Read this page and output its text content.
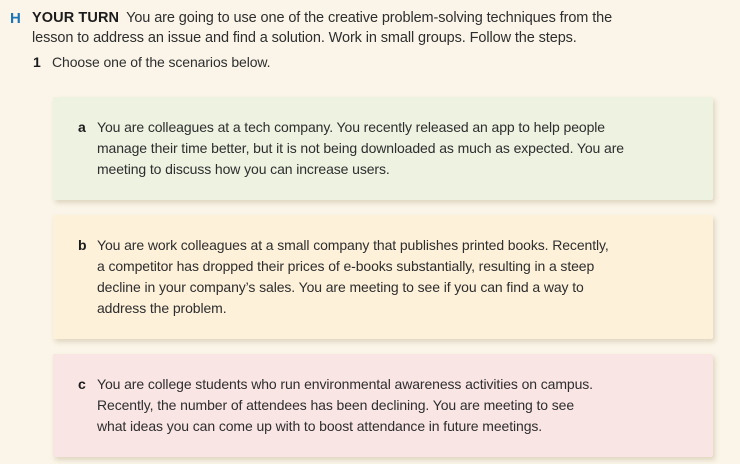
H YOUR TURN You are going to use one of the creative problem-solving techniques from the
lesson to address an issue and find a solution. Work in small groups. Follow the steps.
1 Choose one of the scenarios below.
a You are colleagues at a tech company. You recently released an app to help people
manage their time better, but it is not being downloaded as much as expected. You are
meeting to discuss how you can increase users.
b You are work colleagues at a small company that publishes printed books. Recently,
a competitor has dropped their prices of e-books substantially, resulting in a steep
decline in your company’s sales. You are meeting to see if you can find a way to
address the problem.
c You are college students who run environmental awareness activities on campus.
Recently, the number of attendees has been declining. You are meeting to see
what ideas you can come up with to boost attendance in future meetings.
